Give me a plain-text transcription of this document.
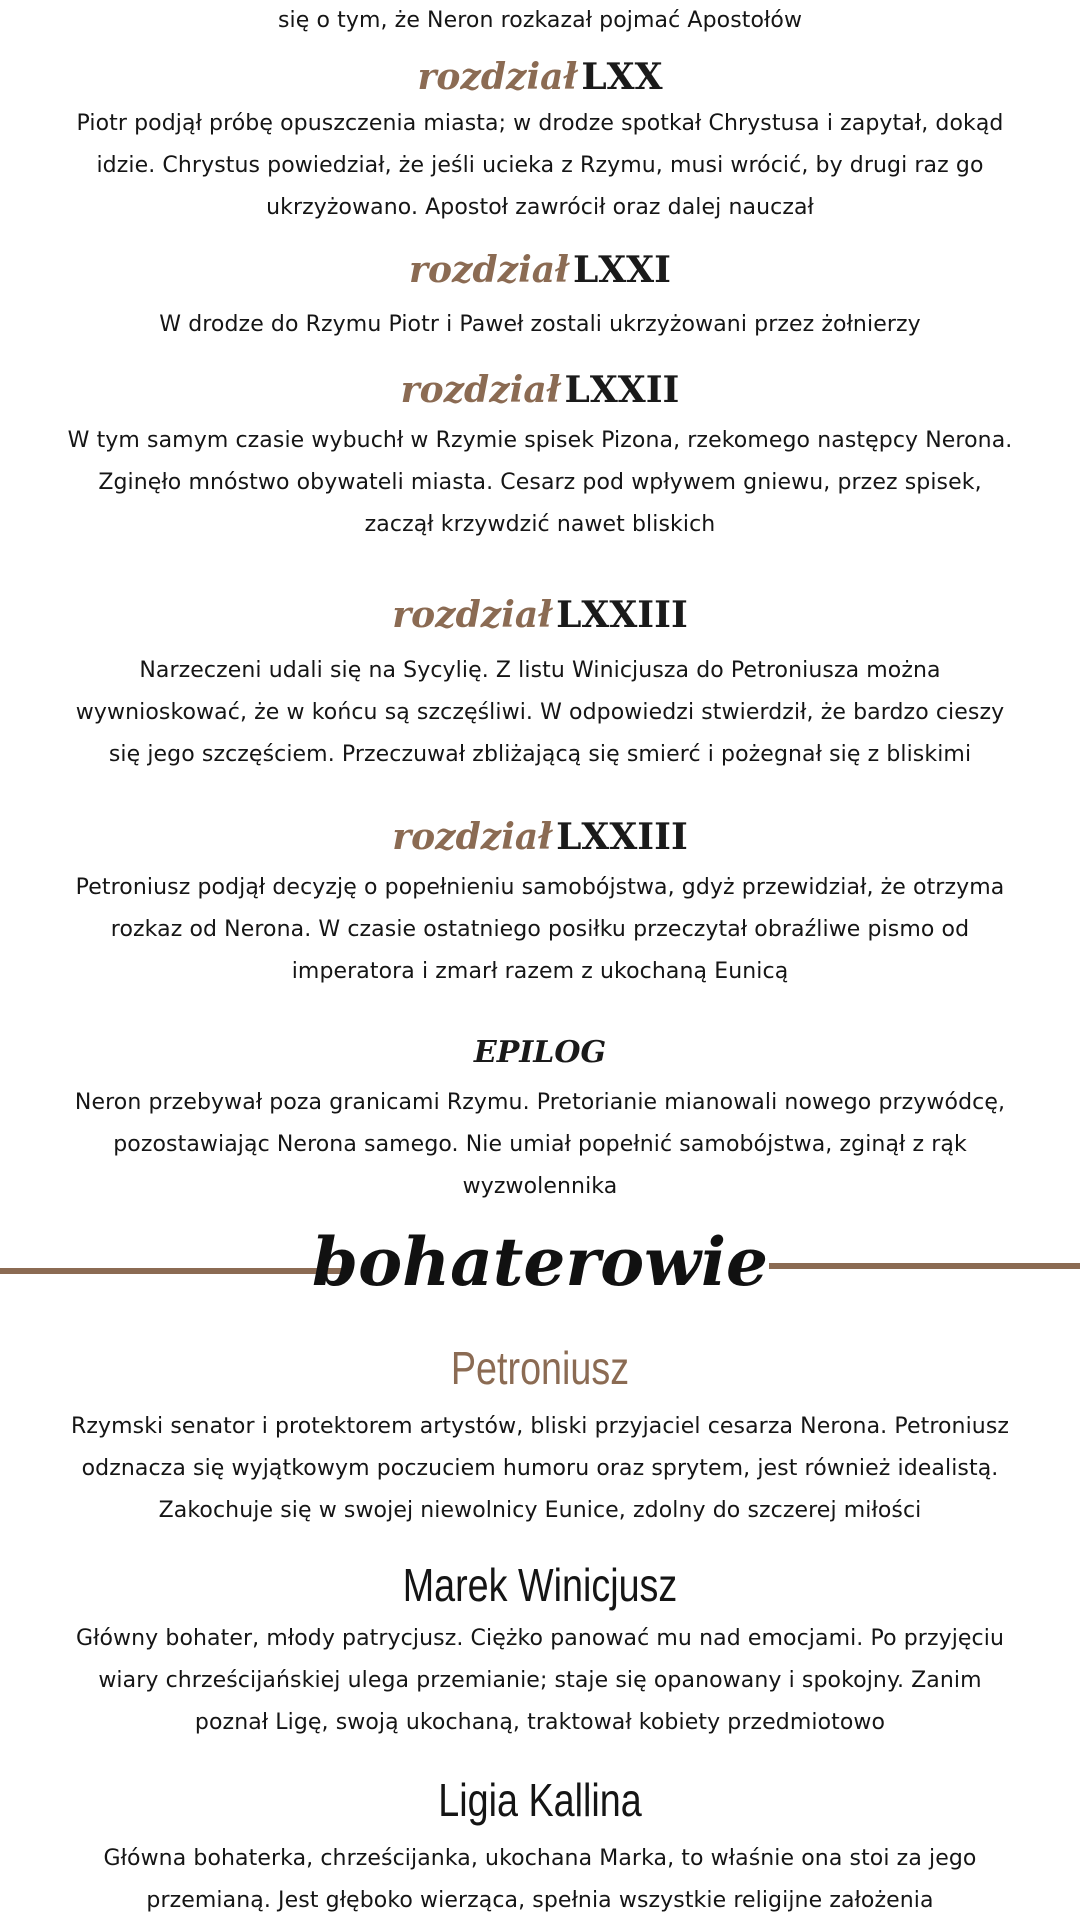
się o tym, że Neron rozkazał pojmać Apostołów
rozdział LXX
Piotr podjął próbę opuszczenia miasta; w drodze spotkał Chrystusa i zapytał, dokąd
idzie. Chrystus powiedział, że jeśli ucieka z Rzymu, musi wrócić, by drugi raz go
ukrzyżowano. Apostoł zawrócił oraz dalej nauczał
rozdział LXXI
W drodze do Rzymu Piotr i Paweł zostali ukrzyżowani przez żołnierzy
rozdział LXXII
W tym samym czasie wybuchł w Rzymie spisek Pizona, rzekomego następcy Nerona.
Zginęło mnóstwo obywateli miasta. Cesarz pod wpływem gniewu, przez spisek,
zaczął krzywdzić nawet bliskich
rozdział LXXIII
Narzeczeni udali się na Sycylię. Z listu Winicjusza do Petroniusza można
wywnioskować, że w końcu są szczęśliwi. W odpowiedzi stwierdził, że bardzo cieszy
się jego szczęściem. Przeczuwał zbliżającą się smierć i pożegnał się z bliskimi
rozdział LXXIII
Petroniusz podjął decyzję o popełnieniu samobójstwa, gdyż przewidział, że otrzyma
rozkaz od Nerona. W czasie ostatniego posiłku przeczytał obraźliwe pismo od
imperatora i zmarł razem z ukochaną Eunicą
EPILOG
Neron przebywał poza granicami Rzymu. Pretorianie mianowali nowego przywódcę,
pozostawiając Nerona samego. Nie umiał popełnić samobójstwa, zginął z rąk
wyzwolennika
bohaterowie
Petroniusz
Rzymski senator i protektorem artystów, bliski przyjaciel cesarza Nerona. Petroniusz
odznacza się wyjątkowym poczuciem humoru oraz sprytem, jest również idealistą.
Zakochuje się w swojej niewolnicy Eunice, zdolny do szczerej miłości
Marek Winicjusz
Główny bohater, młody patrycjusz. Ciężko panować mu nad emocjami. Po przyjęciu
wiary chrześcijańskiej ulega przemianie; staje się opanowany i spokojny. Zanim
poznał Ligę, swoją ukochaną, traktował kobiety przedmiotowo
Ligia Kallina
Główna bohaterka, chrześcijanka, ukochana Marka, to właśnie ona stoi za jego
przemianą. Jest głęboko wierząca, spełnia wszystkie religijne założenia
